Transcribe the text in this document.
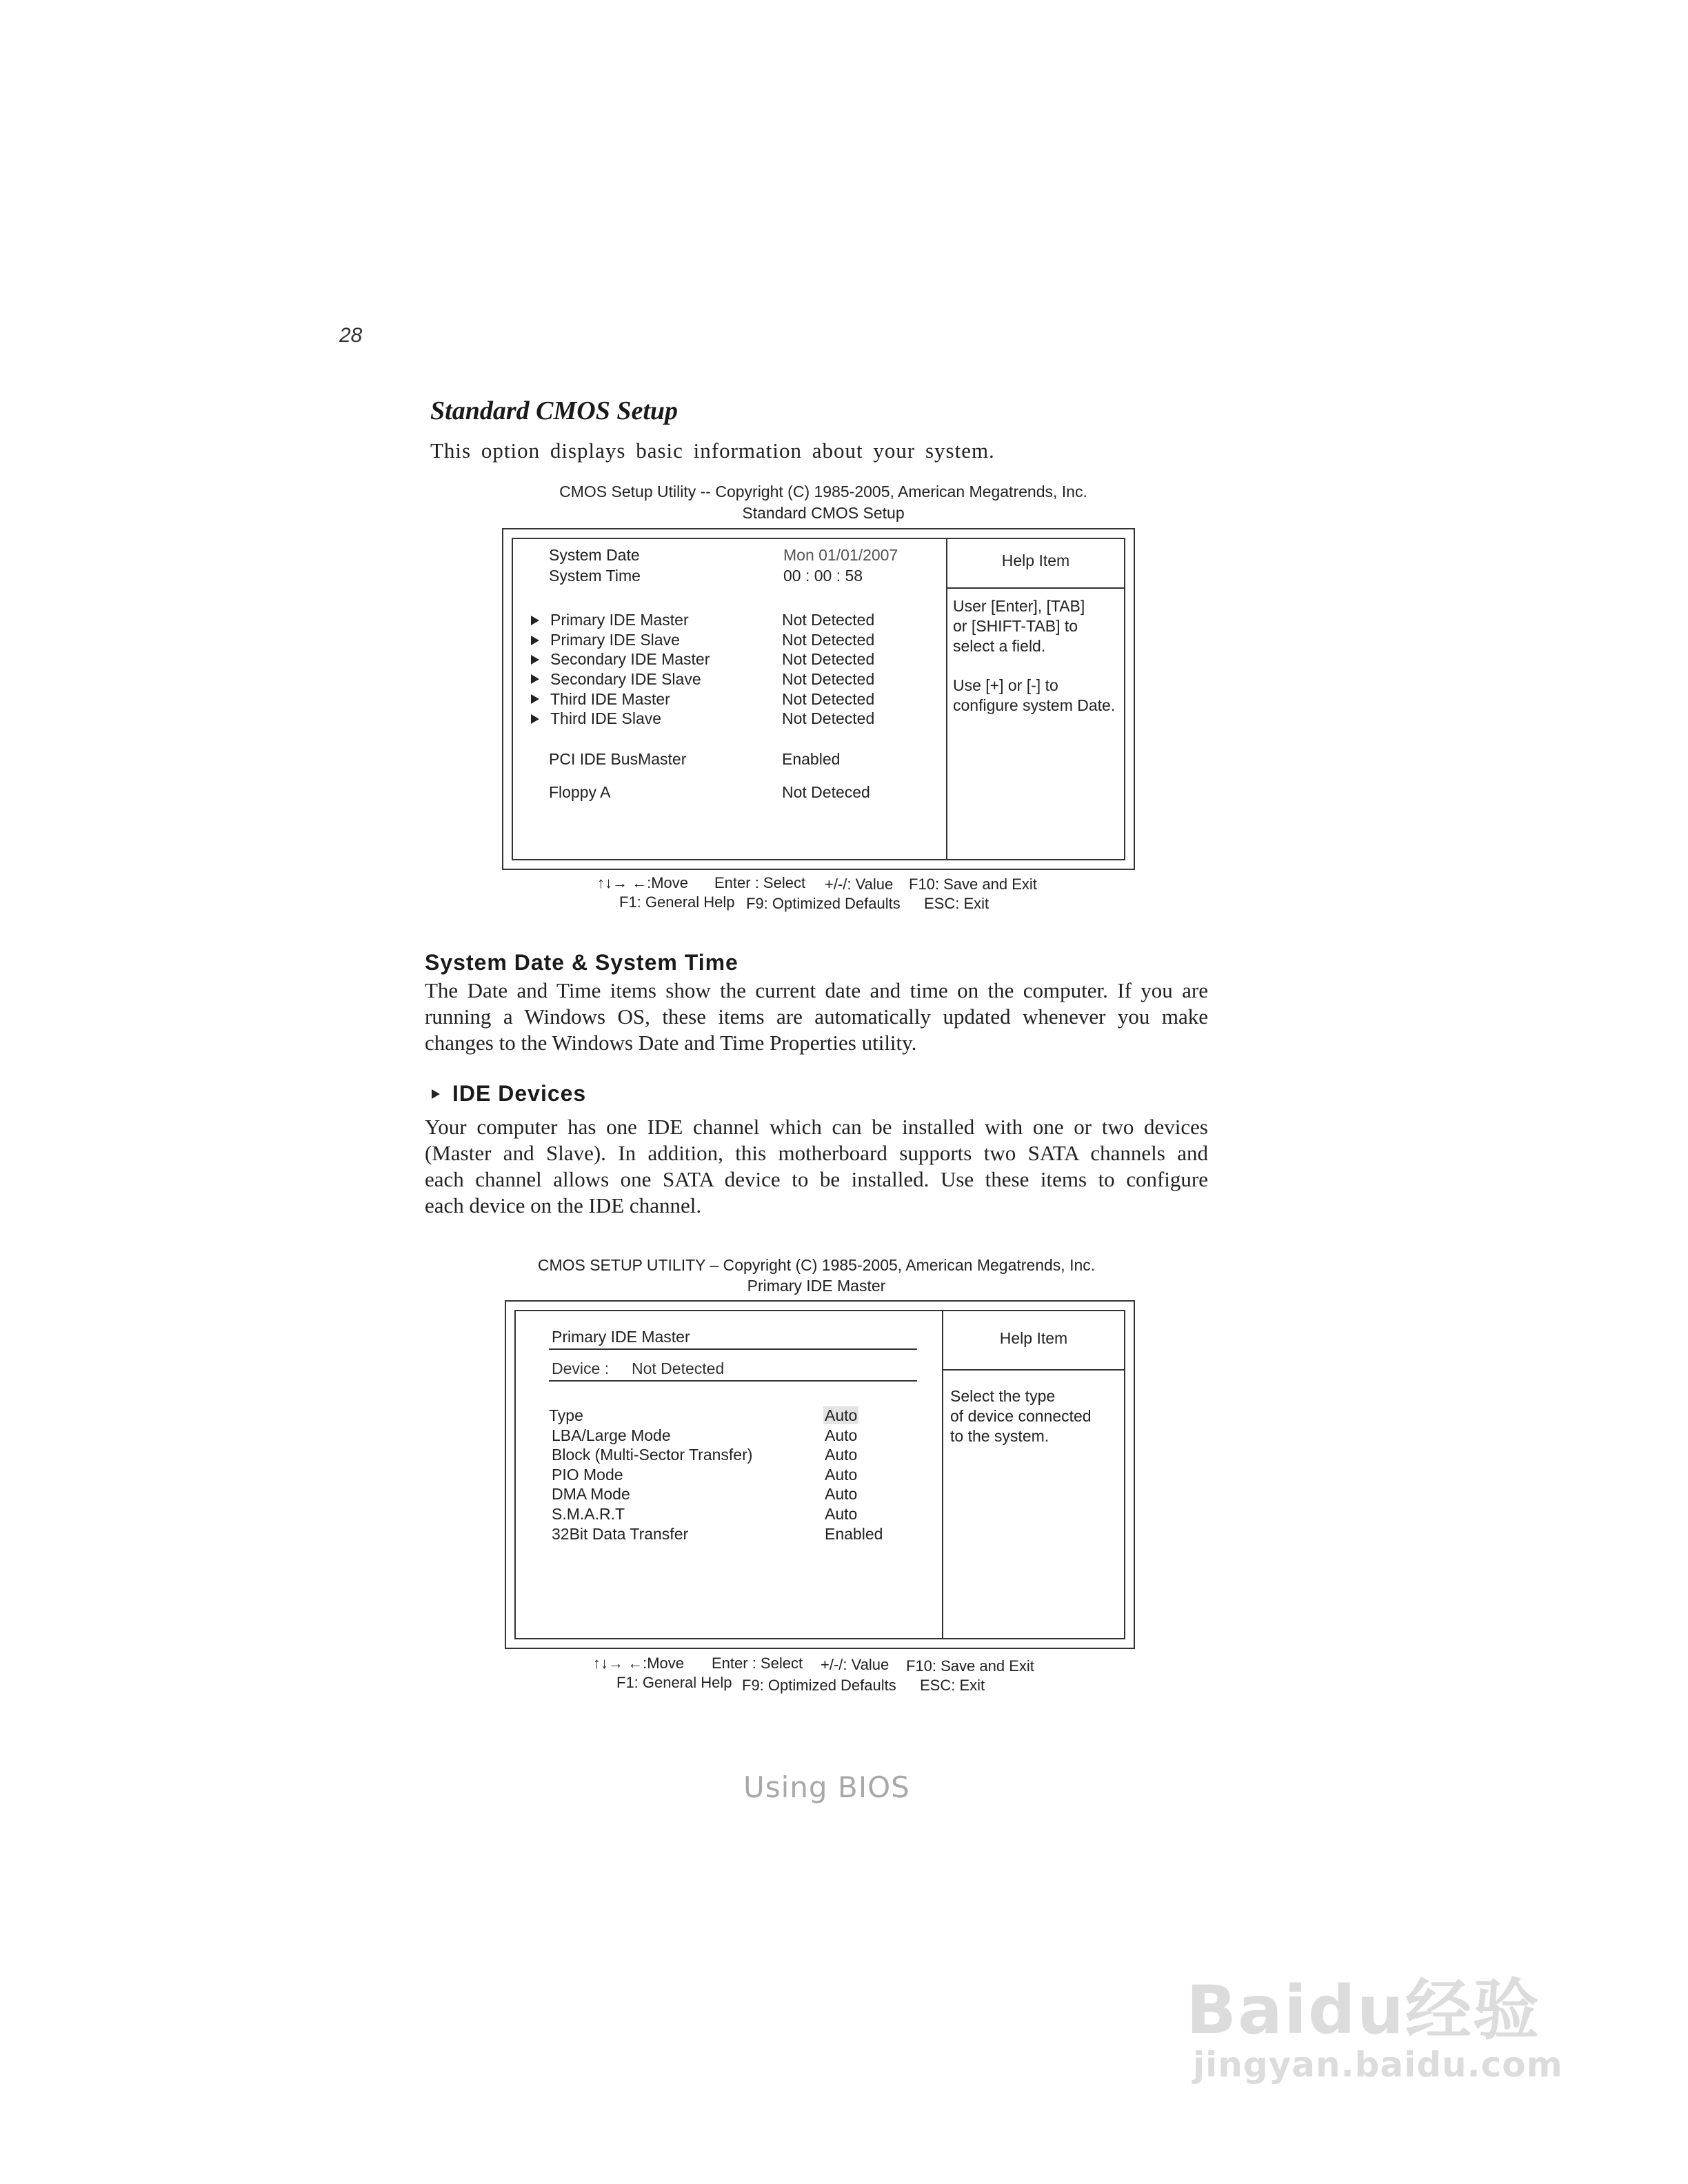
28
Standard CMOS Setup
This option displays basic information about your system.
CMOS Setup Utility -- Copyright (C) 1985-2005, American Megatrends, Inc.
Standard CMOS Setup
Help Item
User [Enter], [TAB]
or [SHIFT-TAB] to
select a field.
Use [+] or [-] to
configure system Date.
System Date	Mon 01/01/2007
System Time	00 : 00 : 58
Primary IDE Master	Not Detected
Primary IDE Slave	Not Detected
Secondary IDE Master	Not Detected
Secondary IDE Slave	Not Detected
Third IDE Master	Not Detected
Third IDE Slave	Not Detected
PCI IDE BusMaster	Enabled
Floppy A	Not Deteced
↑↓→ ←:Move Enter : Select +/-/: Value F10: Save and Exit
F1: General Help F9: Optimized Defaults ESC: Exit
System Date & System Time
The Date and Time items show the current date and time on the computer. If you are
running a Windows OS, these items are automatically updated whenever you make
changes to the Windows Date and Time Properties utility.
IDE Devices
Your computer has one IDE channel which can be installed with one or two devices
(Master and Slave). In addition, this motherboard supports two SATA channels and
each channel allows one SATA device to be installed. Use these items to configure
each device on the IDE channel.
CMOS SETUP UTILITY – Copyright (C) 1985-2005, American Megatrends, Inc.
Primary IDE Master
Help Item
Select the type
of device connected
to the system.
Primary IDE Master
Device : Not Detected
Type	Auto
LBA/Large Mode	Auto
Block (Multi-Sector Transfer)	Auto
PIO Mode	Auto
DMA Mode	Auto
S.M.A.R.T	Auto
32Bit Data Transfer	Enabled
↑↓→ ←:Move Enter : Select +/-/: Value F10: Save and Exit
F1: General Help F9: Optimized Defaults ESC: Exit
Using BIOS
Baidu经验
jingyan.baidu.com
